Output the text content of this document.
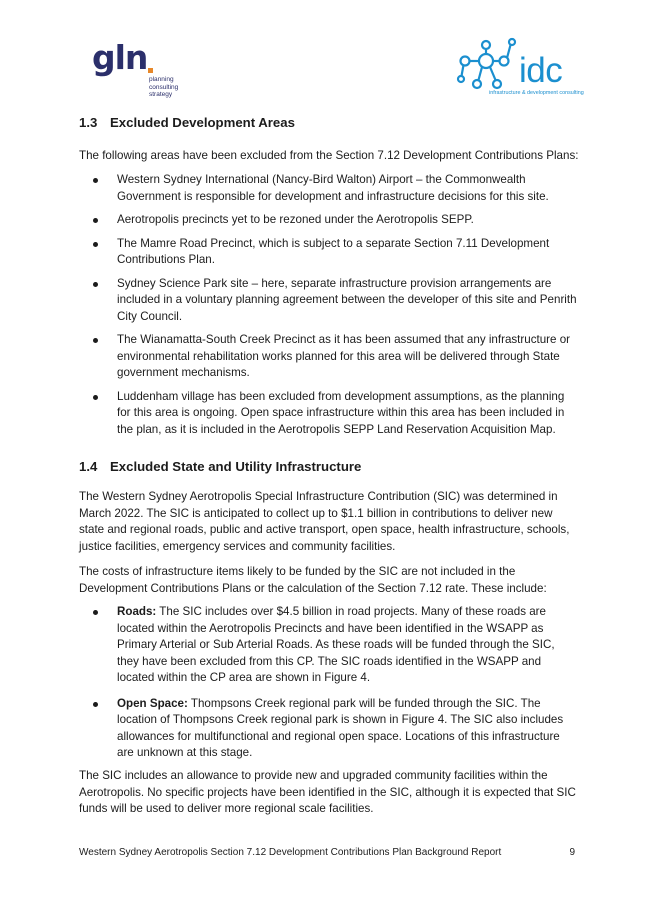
gln
planning
consulting
strategy
idc
infrastructure & development consulting
1.3 Excluded Development Areas

The following areas have been excluded from the Section 7.12 Development Contributions Plans:

Western Sydney International (Nancy-Bird Walton) Airport – the Commonwealth Government is responsible for development and infrastructure decisions for this site.
Aerotropolis precincts yet to be rezoned under the Aerotropolis SEPP.
The Mamre Road Precinct, which is subject to a separate Section 7.11 Development Contributions Plan.
Sydney Science Park site – here, separate infrastructure provision arrangements are included in a voluntary planning agreement between the developer of this site and Penrith City Council.
The Wianamatta-South Creek Precinct as it has been assumed that any infrastructure or environmental rehabilitation works planned for this area will be delivered through State government mechanisms.
Luddenham village has been excluded from development assumptions, as the planning for this area is ongoing. Open space infrastructure within this area has been included in the plan, as it is included in the Aerotropolis SEPP Land Reservation Acquisition Map.
1.4 Excluded State and Utility Infrastructure

The Western Sydney Aerotropolis Special Infrastructure Contribution (SIC) was determined in March 2022. The SIC is anticipated to collect up to $1.1 billion in contributions to deliver new state and regional roads, public and active transport, open space, health infrastructure, schools, justice facilities, emergency services and community facilities.

The costs of infrastructure items likely to be funded by the SIC are not included in the Development Contributions Plans or the calculation of the Section 7.12 rate. These include:

Roads: The SIC includes over $4.5 billion in road projects. Many of these roads are located within the Aerotropolis Precincts and have been identified in the WSAPP as Primary Arterial or Sub Arterial Roads. As these roads will be funded through the SIC, they have been excluded from this CP. The SIC roads identified in the WSAPP and located within the CP area are shown in Figure 4.
Open Space: Thompsons Creek regional park will be funded through the SIC. The location of Thompsons Creek regional park is shown in Figure 4. The SIC also includes allowances for multifunctional and regional open space. Locations of this infrastructure are unknown at this stage.

The SIC includes an allowance to provide new and upgraded community facilities within the Aerotropolis. No specific projects have been identified in the SIC, although it is expected that SIC funds will be used to deliver more regional scale facilities.

Western Sydney Aerotropolis Section 7.12 Development Contributions Plan Background Report	9
